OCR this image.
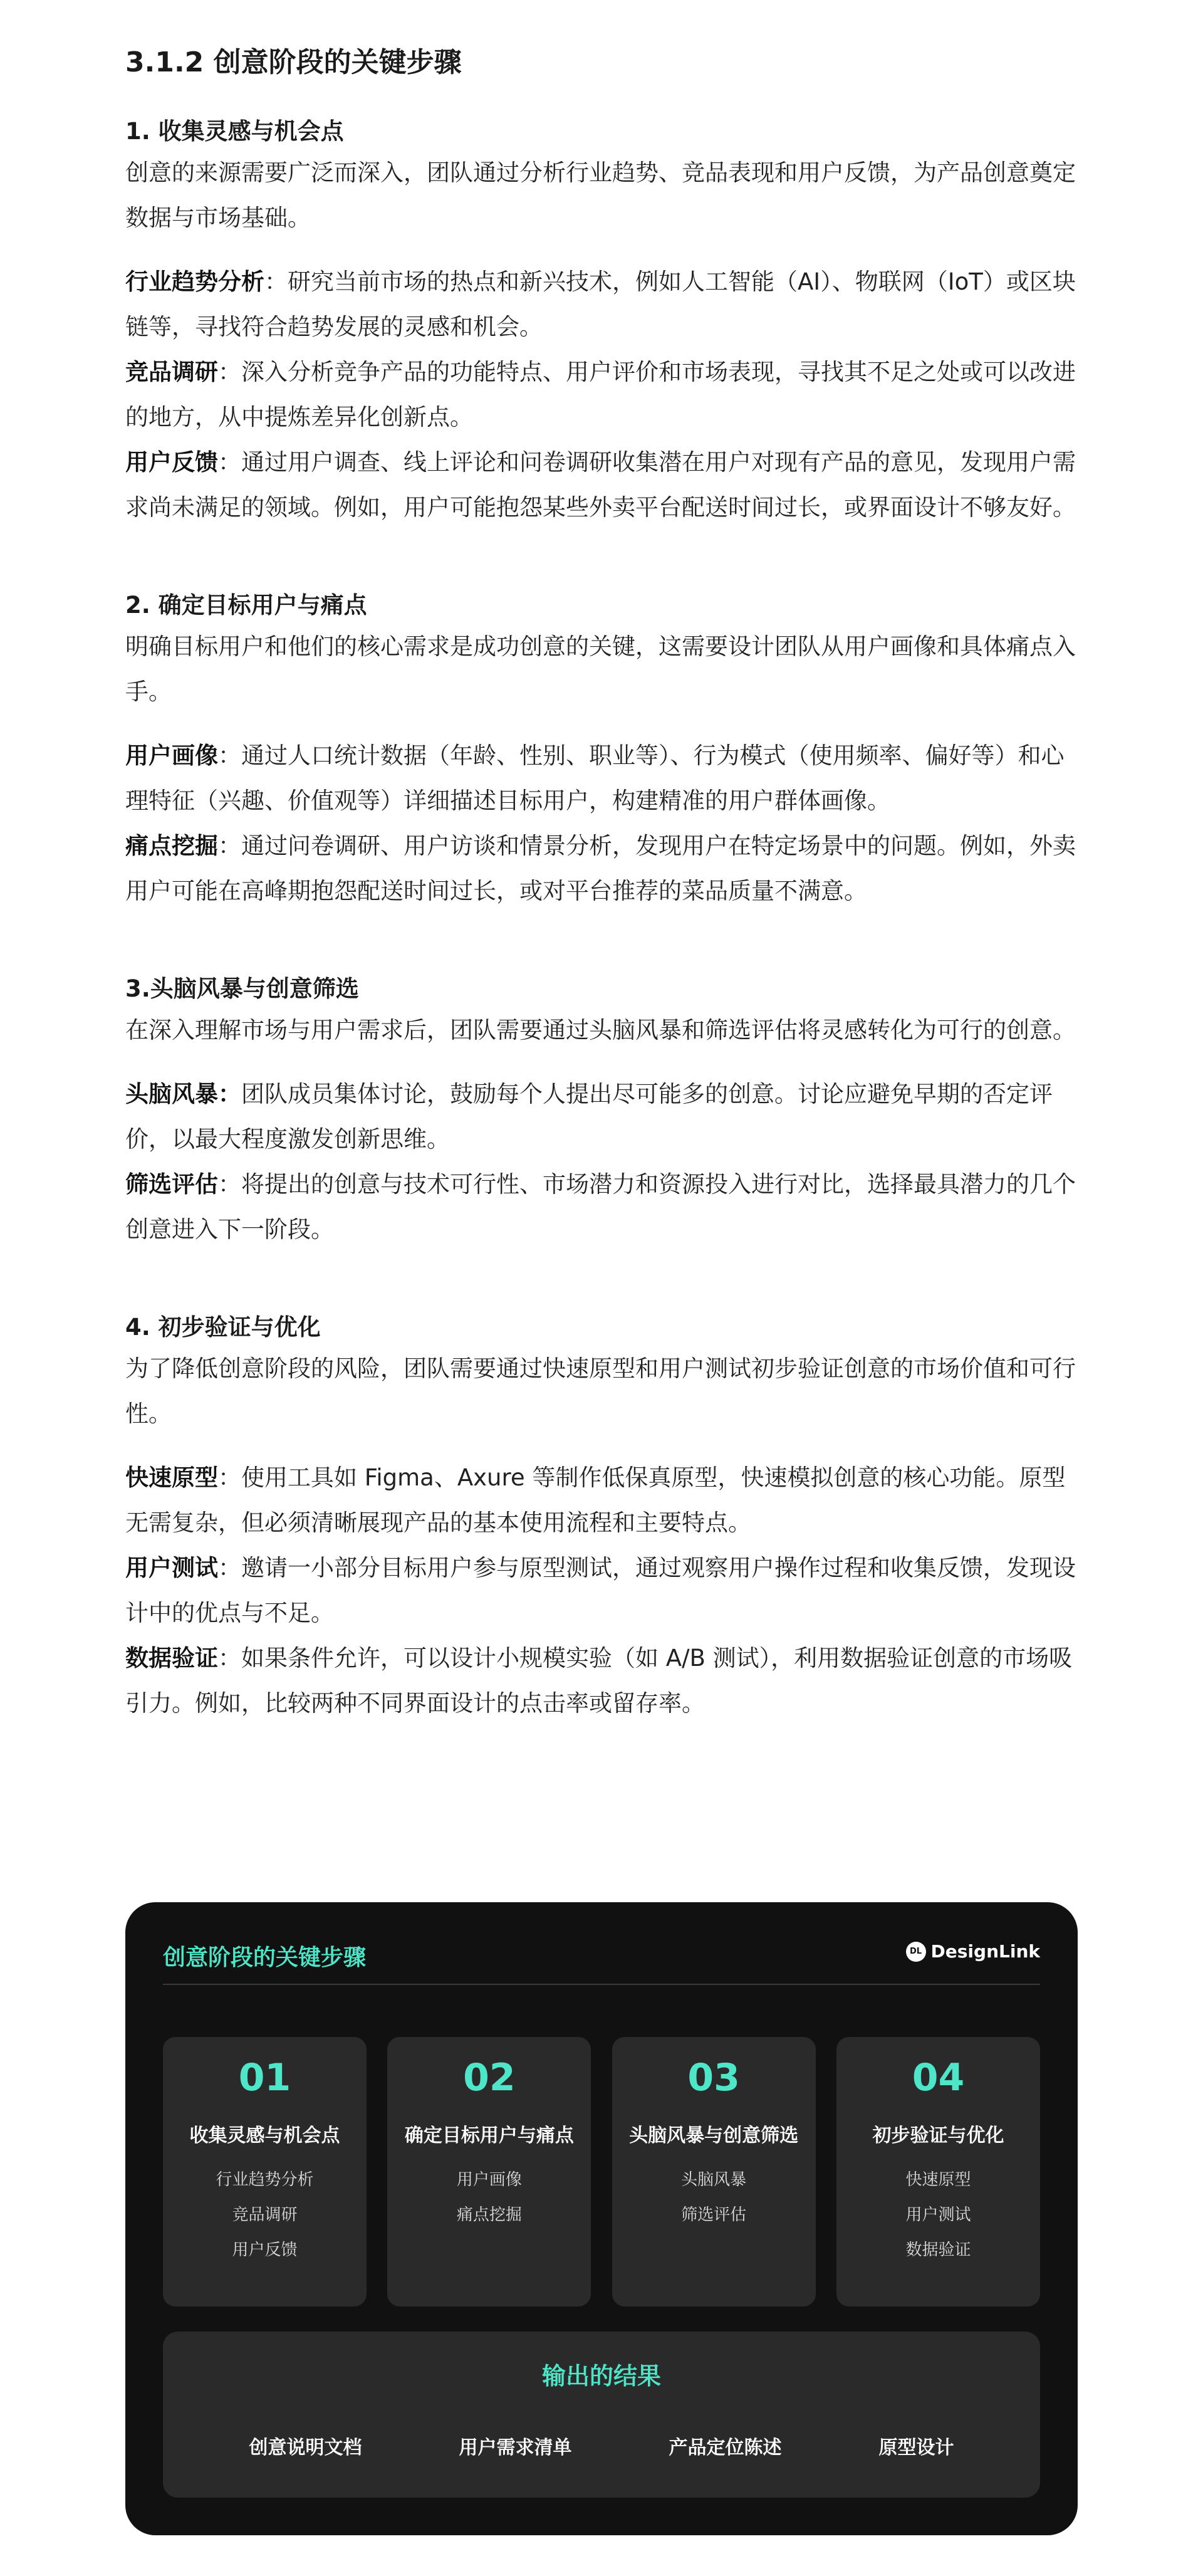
3.1.2 创意阶段的关键步骤
1. 收集灵感与机会点

创意的来源需要广泛而深入，团队通过分析行业趋势、竞品表现和用户反馈，为产品创意奠定数据与市场基础。

行业趋势分析：研究当前市场的热点和新兴技术，例如人工智能（AI）、物联网（IoT）或区块链等，寻找符合趋势发展的灵感和机会。

竞品调研：深入分析竞争产品的功能特点、用户评价和市场表现，寻找其不足之处或可以改进的地方，从中提炼差异化创新点。

用户反馈：通过用户调查、线上评论和问卷调研收集潜在用户对现有产品的意见，发现用户需求尚未满足的领域。例如，用户可能抱怨某些外卖平台配送时间过长，或界面设计不够友好。

2. 确定目标用户与痛点

明确目标用户和他们的核心需求是成功创意的关键，这需要设计团队从用户画像和具体痛点入手。

用户画像：通过人口统计数据（年龄、性别、职业等）、行为模式（使用频率、偏好等）和心理特征（兴趣、价值观等）详细描述目标用户，构建精准的用户群体画像。

痛点挖掘：通过问卷调研、用户访谈和情景分析，发现用户在特定场景中的问题。例如，外卖用户可能在高峰期抱怨配送时间过长，或对平台推荐的菜品质量不满意。

3.头脑风暴与创意筛选

在深入理解市场与用户需求后，团队需要通过头脑风暴和筛选评估将灵感转化为可行的创意。

头脑风暴：团队成员集体讨论，鼓励每个人提出尽可能多的创意。讨论应避免早期的否定评价，以最大程度激发创新思维。

筛选评估：将提出的创意与技术可行性、市场潜力和资源投入进行对比，选择最具潜力的几个创意进入下一阶段。

4. 初步验证与优化

为了降低创意阶段的风险，团队需要通过快速原型和用户测试初步验证创意的市场价值和可行性。

快速原型：使用工具如 Figma、Axure 等制作低保真原型，快速模拟创意的核心功能。原型无需复杂，但必须清晰展现产品的基本使用流程和主要特点。

用户测试：邀请一小部分目标用户参与原型测试，通过观察用户操作过程和收集反馈，发现设计中的优点与不足。

数据验证：如果条件允许，可以设计小规模实验（如 A/B 测试），利用数据验证创意的市场吸引力。例如，比较两种不同界面设计的点击率或留存率。

创意阶段的关键步骤	DL DesignLink
01
收集灵感与机会点
行业趋势分析
竞品调研
用户反馈
02
确定目标用户与痛点
用户画像
痛点挖掘
03
头脑风暴与创意筛选
头脑风暴
筛选评估
04
初步验证与优化
快速原型
用户测试
数据验证
输出的结果
创意说明文档	用户需求清单	产品定位陈述	原型设计
